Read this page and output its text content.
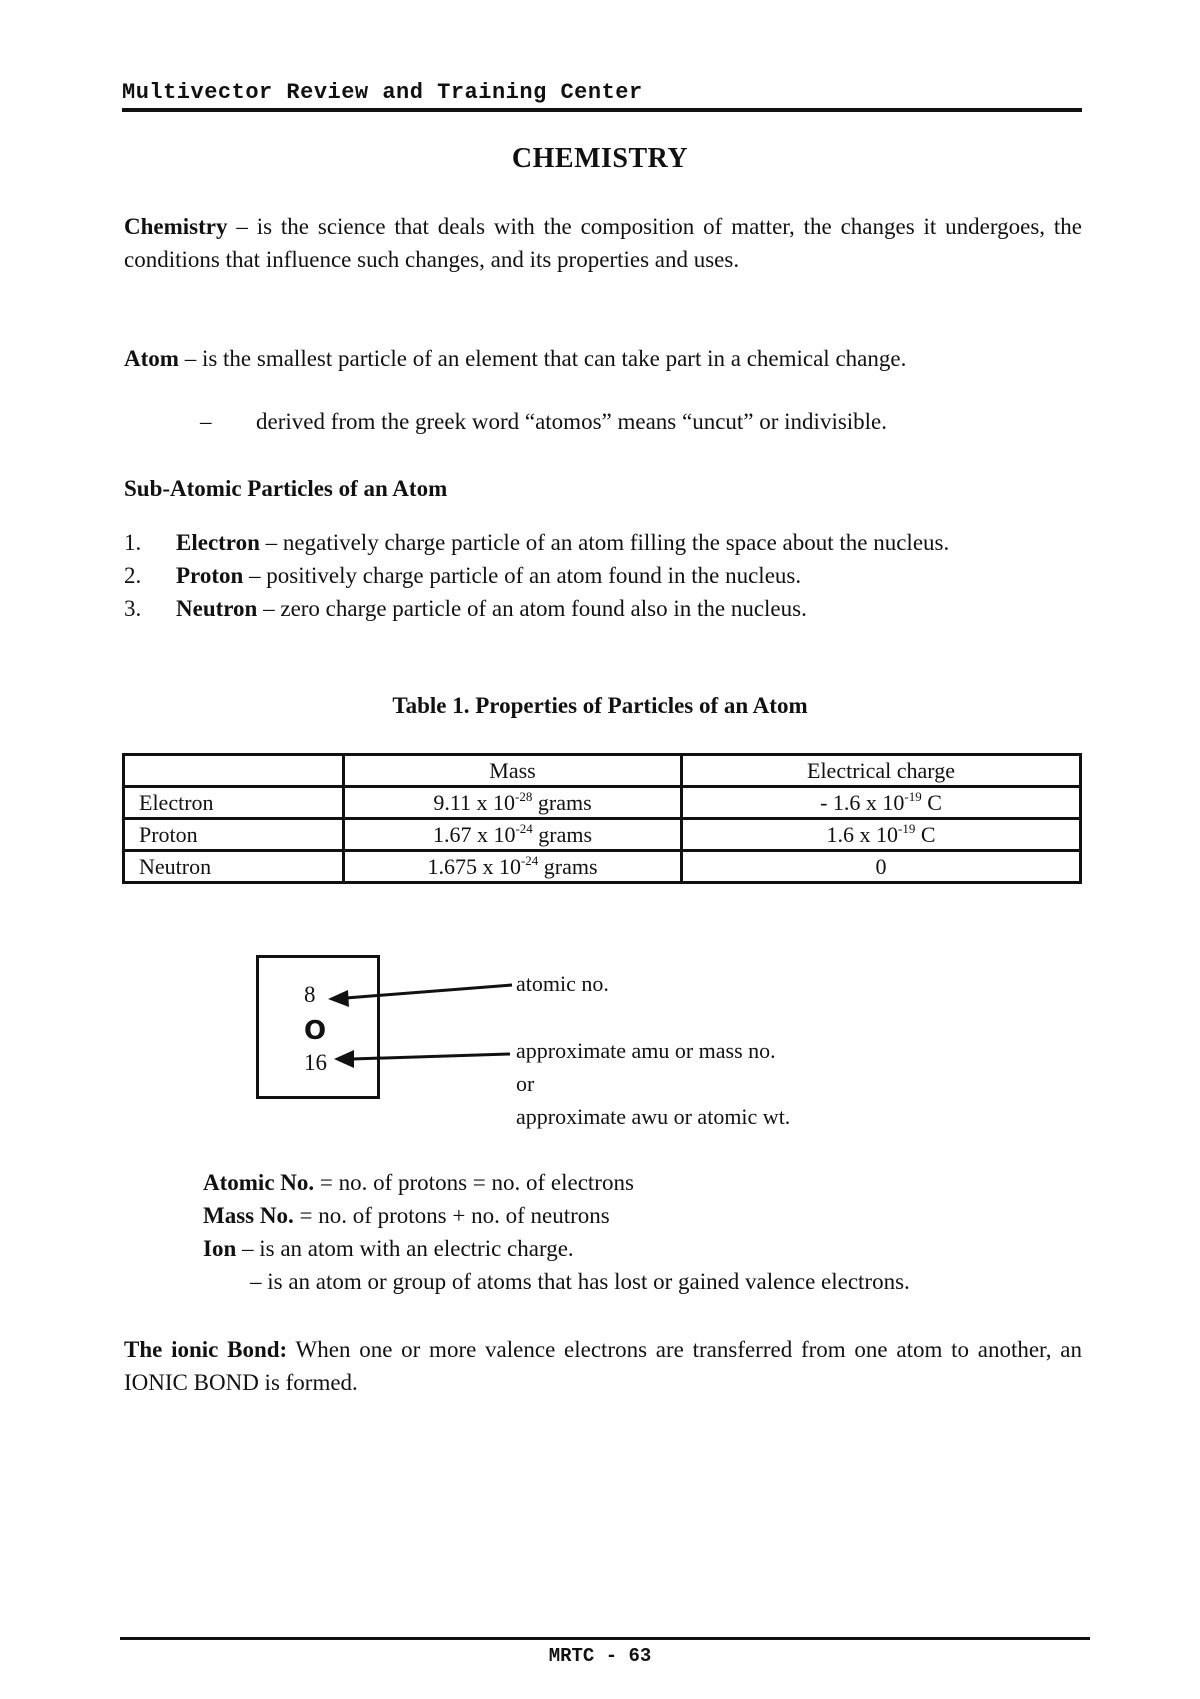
Multivector Review and Training Center
CHEMISTRY
Chemistry – is the science that deals with the composition of matter, the changes it undergoes, the conditions that influence such changes, and its properties and uses.
Atom – is the smallest particle of an element that can take part in a chemical change.
– derived from the greek word “atomos” means “uncut” or indivisible.
Sub-Atomic Particles of an Atom
1. Electron – negatively charge particle of an atom filling the space about the nucleus.
2. Proton – positively charge particle of an atom found in the nucleus.
3. Neutron – zero charge particle of an atom found also in the nucleus.
Table 1. Properties of Particles of an Atom
	Mass	Electrical charge
Electron	9.11 x $10^{-28}$ grams	- 1.6 x $10^{-19}$ C
Proton	1.67 x $10^{-24}$ grams	1.6 x $10^{-19}$ C
Neutron	1.675 x $10^{-24}$ grams	0
8
O
16
atomic no.
approximate amu or mass no.
or
approximate awu or atomic wt.
Atomic No. = no. of protons = no. of electrons
Mass No. = no. of protons + no. of neutrons
Ion – is an atom with an electric charge.
– is an atom or group of atoms that has lost or gained valence electrons.
The ionic Bond: When one or more valence electrons are transferred from one atom to another, an IONIC BOND is formed.
MRTC - 63
